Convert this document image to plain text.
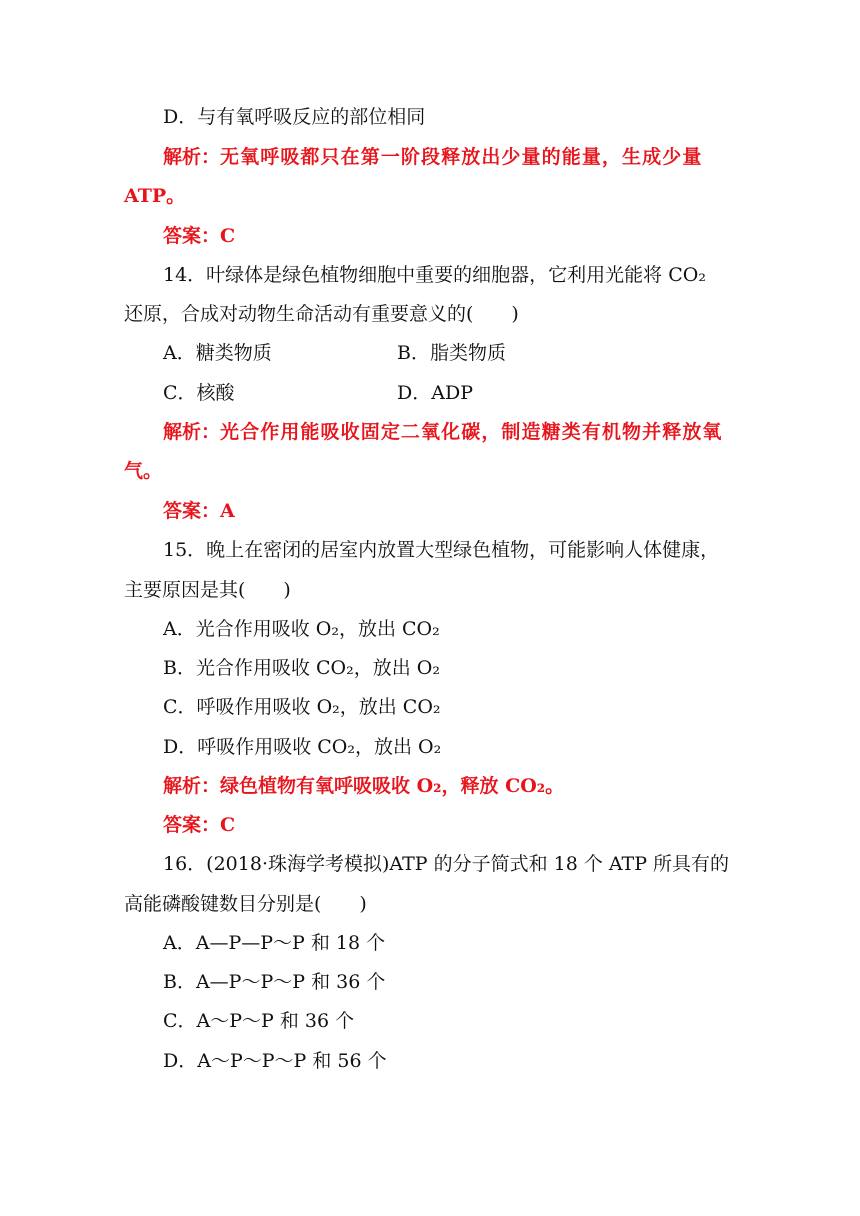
D．与有氧呼吸反应的部位相同
解析：无氧呼吸都只在第一阶段释放出少量的能量，生成少量
ATP。
答案：C
14．叶绿体是绿色植物细胞中重要的细胞器，它利用光能将 CO₂
还原，合成对动物生命活动有重要意义的(　　)
A．糖类物质	B．脂类物质
C．核酸	D．ADP
解析：光合作用能吸收固定二氧化碳，制造糖类有机物并释放氧
气。
答案：A
15．晚上在密闭的居室内放置大型绿色植物，可能影响人体健康，
主要原因是其(　　)
A．光合作用吸收 O₂，放出 CO₂
B．光合作用吸收 CO₂，放出 O₂
C．呼吸作用吸收 O₂，放出 CO₂
D．呼吸作用吸收 CO₂，放出 O₂
解析：绿色植物有氧呼吸吸收 O₂，释放 CO₂。
答案：C
16．(2018·珠海学考模拟)ATP 的分子简式和 18 个 ATP 所具有的
高能磷酸键数目分别是(　　)
A．A—P—P～P 和 18 个
B．A—P～P～P 和 36 个
C．A～P～P 和 36 个
D．A～P～P～P 和 56 个
